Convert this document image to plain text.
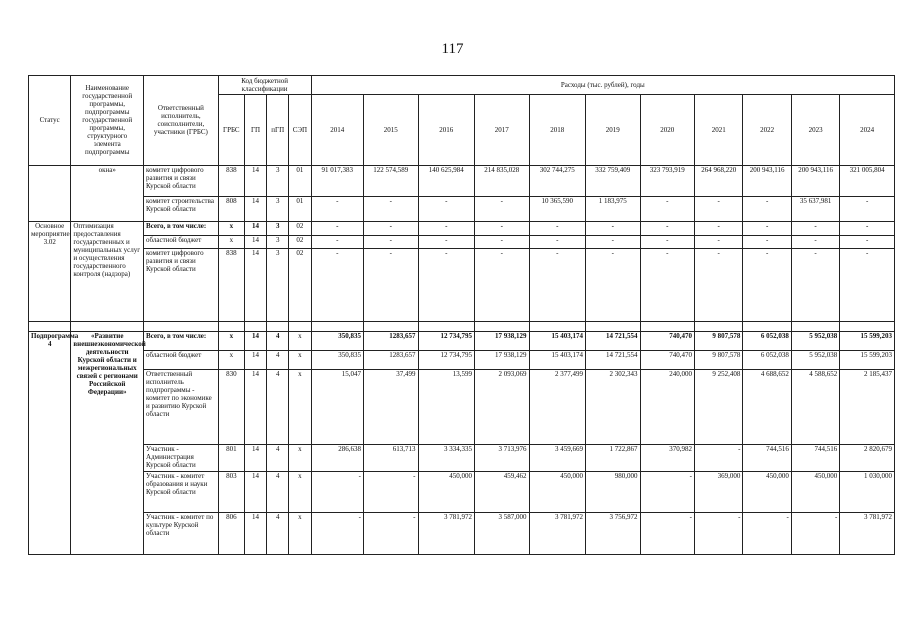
117
Статус	Наименование государственной программы, подпрограммы государственной программы, структурного элемента подпрограммы	Ответственный исполнитель, соисполнители, участники (ГРБС)	Код бюджетной классификации				Расходы (тыс. рублей), годы										
			ГРБС	ГП	пГП	СЭП	2014	2015	2016	2017	2018	2019	2020	2021	2022	2023	2024
	окна»	комитет цифрового развития и связи Курской области	838	14	3	01	91 017,383	122 574,589	140 625,984	214 835,028	302 744,275	332 759,409	323 793,919	264 968,220	200 943,116	200 943,116	321 005,804
		комитет строительства Курской области	808	14	3	01	-	-	-	-	10 365,590	1 183,975	-	-	-	35 637,981	-
Основное мероприятие 3.02	Оптимизация предоставления государственных и муниципальных услуг и осуществления государственного контроля (надзора)	Всего, в том числе:	х	14	3	02	-	-	-	-	-	-	-	-	-	-	-
		областной бюджет	х	14	3	02	-	-	-	-	-	-	-	-	-	-	-
		комитет цифрового развития и связи Курской области	838	14	3	02	-	-	-	-	-	-	-	-	-	-	-

Подпрограмма 4	«Развитие внешнеэкономической деятельности Курской области и межрегиональных связей с регионами Российской Федерации»	Всего, в том числе:	х	14	4	х	350,835	1283,657	12 734,795	17 938,129	15 403,174	14 721,554	740,470	9 807,578	6 052,038	5 952,038	15 599,203
		областной бюджет	х	14	4	х	350,835	1283,657	12 734,795	17 938,129	15 403,174	14 721,554	740,470	9 807,578	6 052,038	5 952,038	15 599,203
		Ответственный исполнитель подпрограммы - комитет по экономике и развитию Курской области	830	14	4	х	15,047	37,499	13,599	2 093,069	2 377,499	2 302,343	240,000	9 252,408	4 688,652	4 588,652	2 185,437
		Участник - Администрация Курской области	801	14	4	х	286,638	613,713	3 334,335	3 713,976	3 459,669	1 722,867	370,982	-	744,516	744,516	2 820,679
		Участник - комитет образования и науки Курской области	803	14	4	х	-	-	450,000	459,462	450,000	980,000	-	369,000	450,000	450,000	1 030,000
		Участник - комитет по культуре Курской области	806	14	4	х	-	-	3 781,972	3 587,000	3 781,972	3 756,972	-	-	-	-	3 781,972
